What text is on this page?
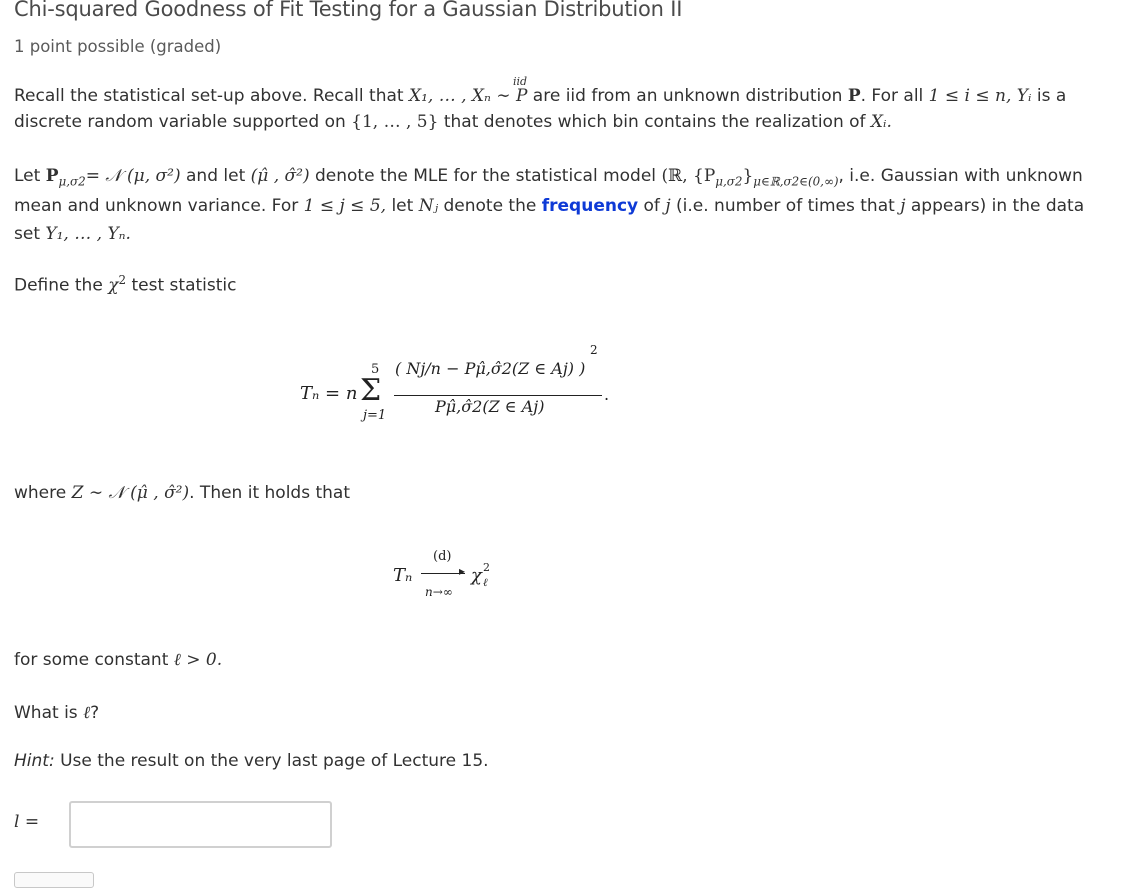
Chi-squared Goodness of Fit Testing for a Gaussian Distribution II
1 point possible (graded)
Recall the statistical set-up above. Recall that X₁, … , Xₙ ∼ P
iid
are iid from an unknown distribution P. For all 1 ≤ i ≤ n, Yᵢ is a
discrete random variable supported on {1, … , 5} that denotes which bin contains the realization of Xᵢ.
Let $P_{\mu,\sigma 2}=$ 𝒩 (μ, σ²) and let (μ̂ , σ̂²) denote the MLE for the statistical model (ℝ, $\{P_{\mu,\sigma 2}\}_{\mu\in ℝ,\sigma 2\in(0,\infty)}$, i.e. Gaussian with unknown
mean and unknown variance. For 1 ≤ j ≤ 5, let Nⱼ denote the frequency of j (i.e. number of times that j appears) in the data
set Y₁, … , Yₙ.
Define the $\chi^2$ test statistic
Tₙ = n
5
Σ
j=1
( Nj/n − Pμ̂,σ̂2(Z ∈ Aj) )
2
Pμ̂,σ̂2(Z ∈ Aj)
.
where Z ∼ 𝒩 (μ̂ , σ̂²). Then it holds that
Tₙ
(d)
▸
n→∞
χ 2
ℓ
for some constant ℓ > 0.
What is ℓ?
Hint: Use the result on the very last page of Lecture 15.
l =
